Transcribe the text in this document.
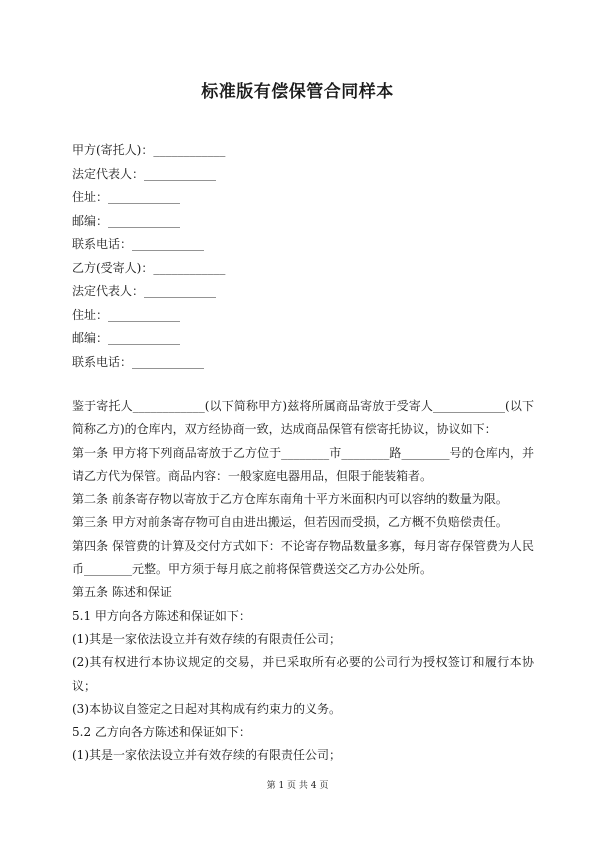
标准版有偿保管合同样本
甲方(寄托人)：____________
法定代表人：____________
住址：____________
邮编：____________
联系电话：____________
乙方(受寄人)：____________
法定代表人：____________
住址：____________
邮编：____________
联系电话：____________

鉴于寄托人____________(以下简称甲方)兹将所属商品寄放于受寄人____________(以下简称乙方)的仓库内，双方经协商一致，达成商品保管有偿寄托协议，协议如下：

第一条 甲方将下列商品寄放于乙方位于________市________路________号的仓库内，并请乙方代为保管。商品内容：一般家庭电器用品，但限于能装箱者。

第二条 前条寄存物以寄放于乙方仓库东南角十平方米面积内可以容纳的数量为限。

第三条 甲方对前条寄存物可自由进出搬运，但若因而受损，乙方概不负赔偿责任。

第四条 保管费的计算及交付方式如下：不论寄存物品数量多寡，每月寄存保管费为人民币________元整。甲方须于每月底之前将保管费送交乙方办公处所。

第五条 陈述和保证

5.1 甲方向各方陈述和保证如下：

(1)其是一家依法设立并有效存续的有限责任公司；

(2)其有权进行本协议规定的交易，并已采取所有必要的公司行为授权签订和履行本协议；

(3)本协议自签定之日起对其构成有约束力的义务。

5.2 乙方向各方陈述和保证如下：

(1)其是一家依法设立并有效存续的有限责任公司；

第 1 页 共 4 页
